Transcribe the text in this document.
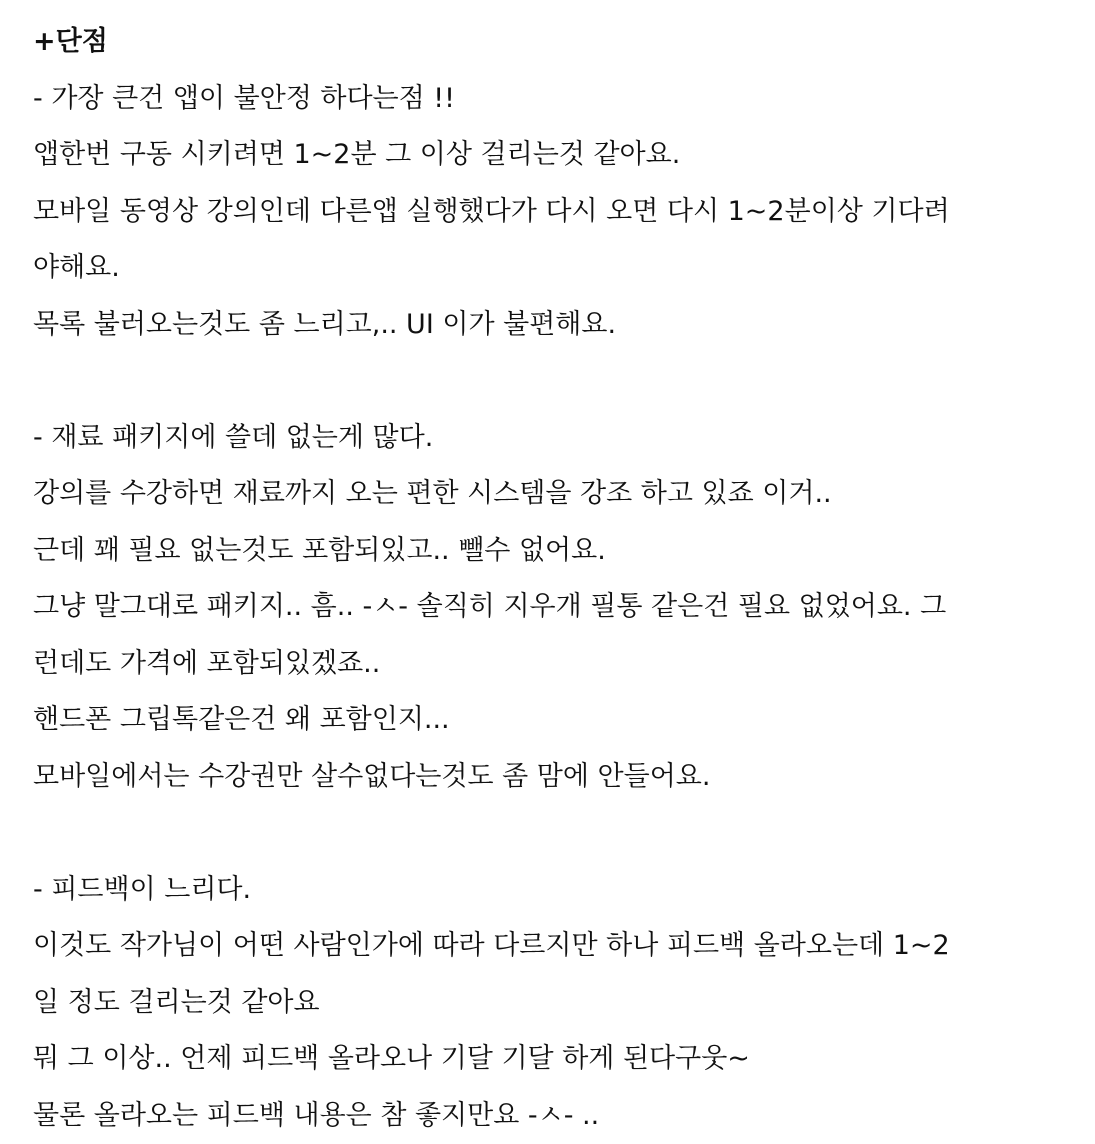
+단점
- 가장 큰건 앱이 불안정 하다는점 !!
앱한번 구동 시키려면 1~2분 그 이상 걸리는것 같아요.
모바일 동영상 강의인데 다른앱 실행했다가 다시 오면 다시 1~2분이상 기다려
야해요.
목록 불러오는것도 좀 느리고,.. UI 이가 불편해요.
- 재료 패키지에 쓸데 없는게 많다.
강의를 수강하면 재료까지 오는 편한 시스템을 강조 하고 있죠 이거..
근데 꽤 필요 없는것도 포함되있고.. 뺄수 없어요.
그냥 말그대로 패키지.. 흠.. -ㅅ- 솔직히 지우개 필통 같은건 필요 없었어요. 그
런데도 가격에 포함되있겠죠..
핸드폰 그립톡같은건 왜 포함인지...
모바일에서는 수강권만 살수없다는것도 좀 맘에 안들어요.
- 피드백이 느리다.
이것도 작가님이 어떤 사람인가에 따라 다르지만 하나 피드백 올라오는데 1~2
일 정도 걸리는것 같아요
뭐 그 이상.. 언제 피드백 올라오나 기달 기달 하게 된다구웃~
물론 올라오는 피드백 내용은 참 좋지만요 -ㅅ- ..
